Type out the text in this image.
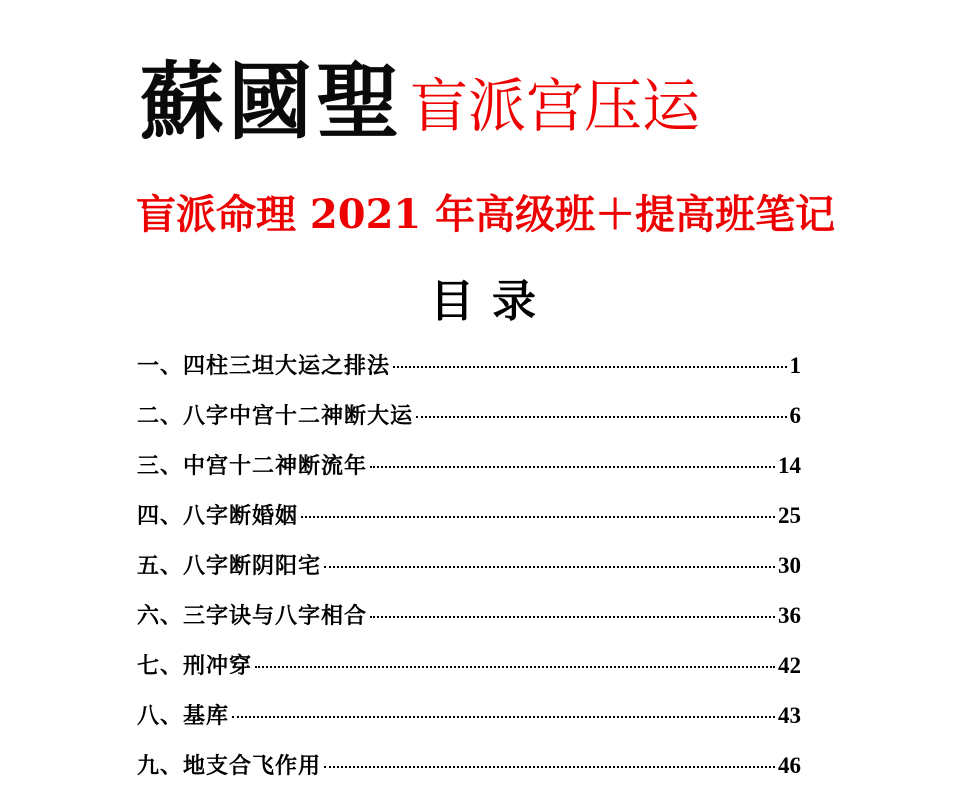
蘇國聖 盲派宫压运
盲派命理 2021 年高级班＋提高班笔记
目录
一、四柱三坦大运之排法	1
二、八字中宫十二神断大运	6
三、中宫十二神断流年	14
四、八字断婚姻	25
五、八字断阴阳宅	30
六、三字诀与八字相合	36
七、刑冲穿	42
八、基库	43
九、地支合飞作用	46
